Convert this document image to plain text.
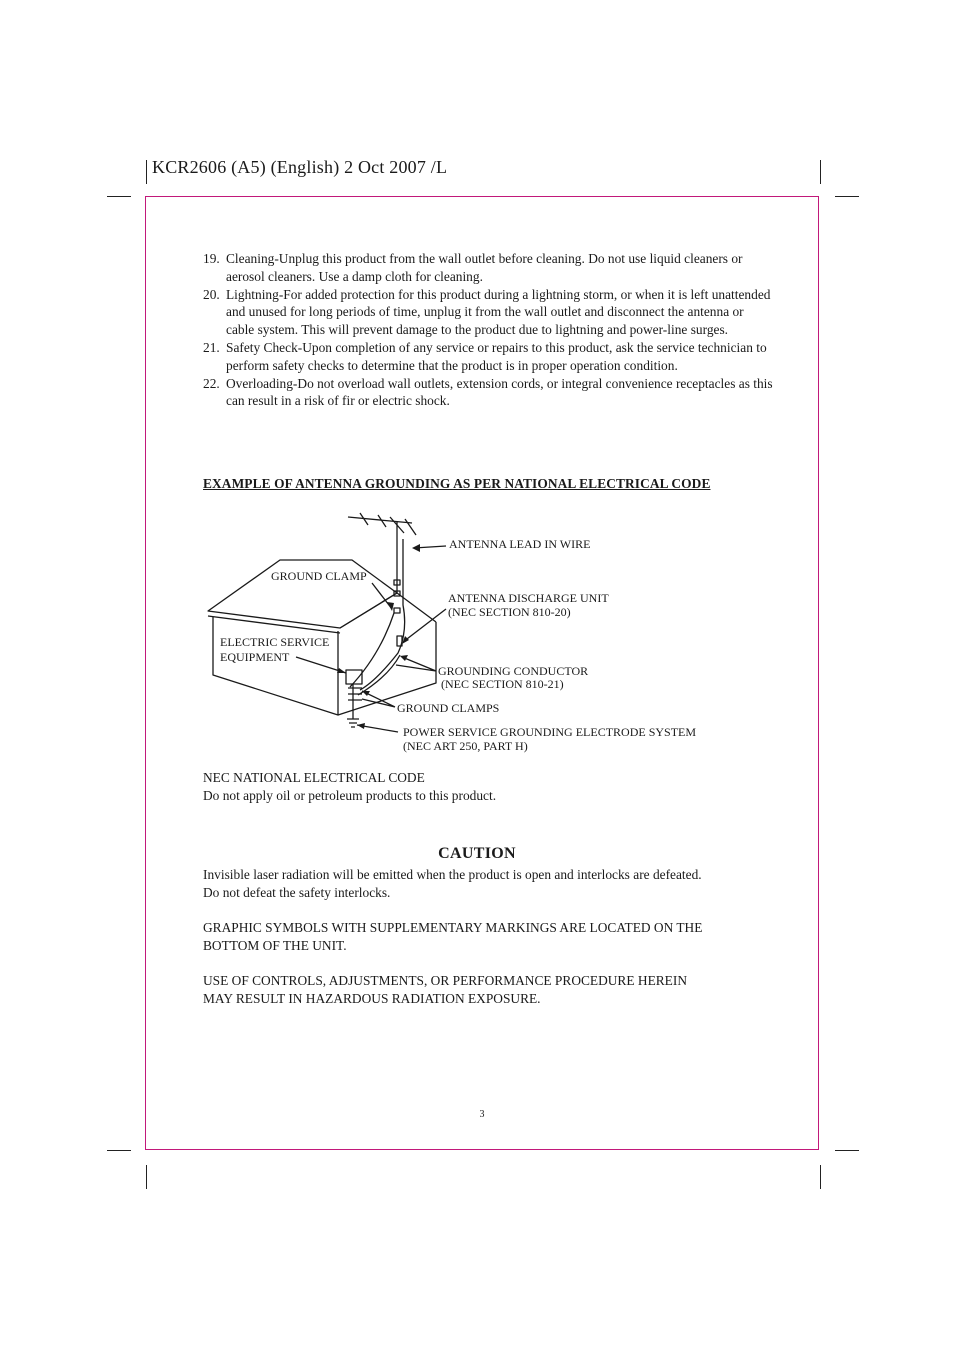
KCR2606 (A5) (English) 2 Oct 2007 /L
19. Cleaning-Unplug this product from the wall outlet before cleaning. Do not use liquid cleaners or aerosol cleaners. Use a damp cloth for cleaning.
20. Lightning-For added protection for this product during a lightning storm, or when it is left unattended and unused for long periods of time, unplug it from the wall outlet and disconnect the antenna or cable system. This will prevent damage to the product due to lightning and power-line surges.
21. Safety Check-Upon completion of any service or repairs to this product, ask the service technician to perform safety checks to determine that the product is in proper operation condition.
22. Overloading-Do not overload wall outlets, extension cords, or integral convenience receptacles as this can result in a risk of fir or electric shock.
EXAMPLE OF ANTENNA GROUNDING AS PER NATIONAL ELECTRICAL CODE
ANTENNA LEAD IN WIRE
GROUND CLAMP
ANTENNA DISCHARGE UNIT
(NEC SECTION 810-20)
ELECTRIC SERVICE
EQUIPMENT
GROUNDING CONDUCTOR
(NEC SECTION 810-21)
GROUND CLAMPS
POWER SERVICE GROUNDING ELECTRODE SYSTEM
(NEC ART 250, PART H)

NEC NATIONAL ELECTRICAL CODE

Do not apply oil or petroleum products to this product.

CAUTION

Invisible laser radiation will be emitted when the product is open and interlocks are defeated.

Do not defeat the safety interlocks.

GRAPHIC SYMBOLS WITH SUPPLEMENTARY MARKINGS ARE LOCATED ON THE

BOTTOM OF THE UNIT.

USE OF CONTROLS, ADJUSTMENTS, OR PERFORMANCE PROCEDURE HEREIN

MAY RESULT IN HAZARDOUS RADIATION EXPOSURE.

3
